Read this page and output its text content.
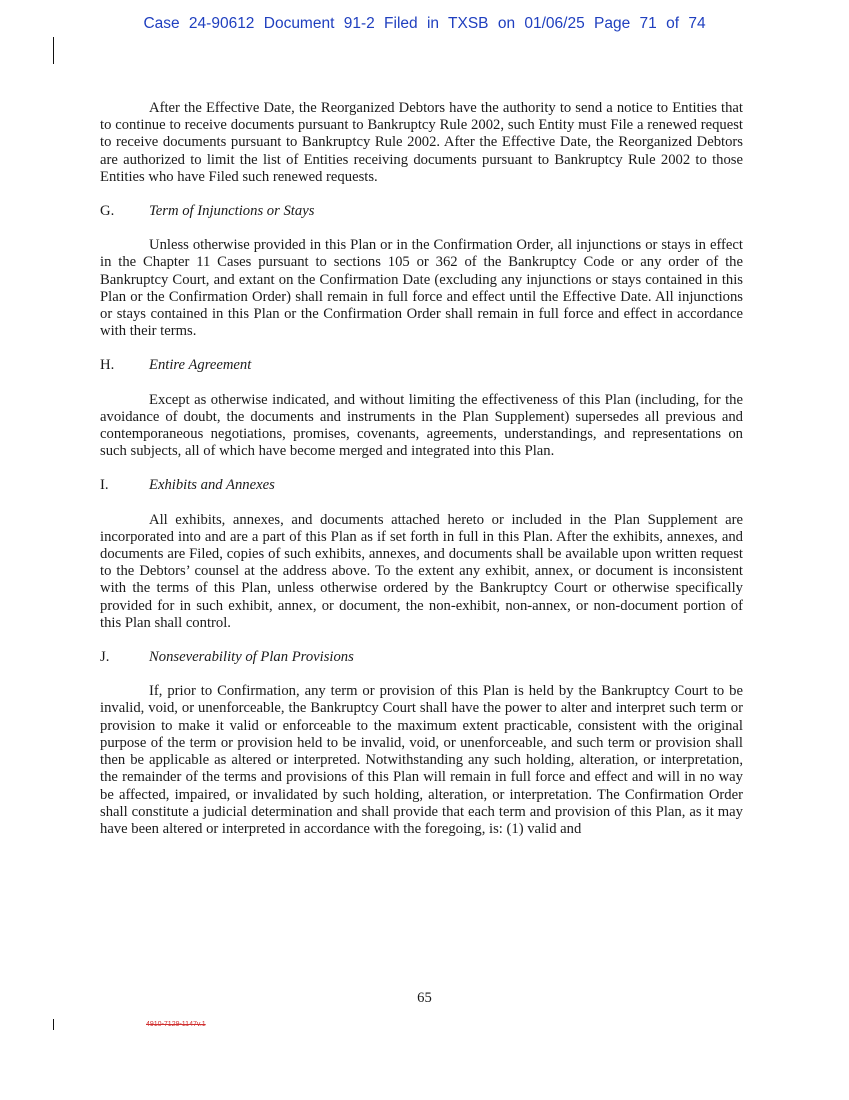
Case 24-90612 Document 91-2 Filed in TXSB on 01/06/25 Page 71 of 74

After the Effective Date, the Reorganized Debtors have the authority to send a notice to Entities that to continue to receive documents pursuant to Bankruptcy Rule 2002, such Entity must File a renewed request to receive documents pursuant to Bankruptcy Rule 2002. After the Effective Date, the Reorganized Debtors are authorized to limit the list of Entities receiving documents pursuant to Bankruptcy Rule 2002 to those Entities who have Filed such renewed requests.

G. Term of Injunctions or Stays

Unless otherwise provided in this Plan or in the Confirmation Order, all injunctions or stays in effect in the Chapter 11 Cases pursuant to sections 105 or 362 of the Bankruptcy Code or any order of the Bankruptcy Court, and extant on the Confirmation Date (excluding any injunctions or stays contained in this Plan or the Confirmation Order) shall remain in full force and effect until the Effective Date. All injunctions or stays contained in this Plan or the Confirmation Order shall remain in full force and effect in accordance with their terms.

H. Entire Agreement

Except as otherwise indicated, and without limiting the effectiveness of this Plan (including, for the avoidance of doubt, the documents and instruments in the Plan Supplement) supersedes all previous and contemporaneous negotiations, promises, covenants, agreements, understandings, and representations on such subjects, all of which have become merged and integrated into this Plan.

I.	Exhibits and Annexes

All exhibits, annexes, and documents attached hereto or included in the Plan Supplement are incorporated into and are a part of this Plan as if set forth in full in this Plan. After the exhibits, annexes, and documents are Filed, copies of such exhibits, annexes, and documents shall be available upon written request to the Debtors’ counsel at the address above. To the extent any exhibit, annex, or document is inconsistent with the terms of this Plan, unless otherwise ordered by the Bankruptcy Court or otherwise specifically provided for in such exhibit, annex, or document, the non-exhibit, non-annex, or non-document portion of this Plan shall control.

J.	Nonseverability of Plan Provisions

If, prior to Confirmation, any term or provision of this Plan is held by the Bankruptcy Court to be invalid, void, or unenforceable, the Bankruptcy Court shall have the power to alter and interpret such term or provision to make it valid or enforceable to the maximum extent practicable, consistent with the original purpose of the term or provision held to be invalid, void, or unenforceable, and such term or provision shall then be applicable as altered or interpreted. Notwithstanding any such holding, alteration, or interpretation, the remainder of the terms and provisions of this Plan will remain in full force and effect and will in no way be affected, impaired, or invalidated by such holding, alteration, or interpretation. The Confirmation Order shall constitute a judicial determination and shall provide that each term and provision of this Plan, as it may have been altered or interpreted in accordance with the foregoing, is: (1) valid and

65
4910-7129-1147v.1
